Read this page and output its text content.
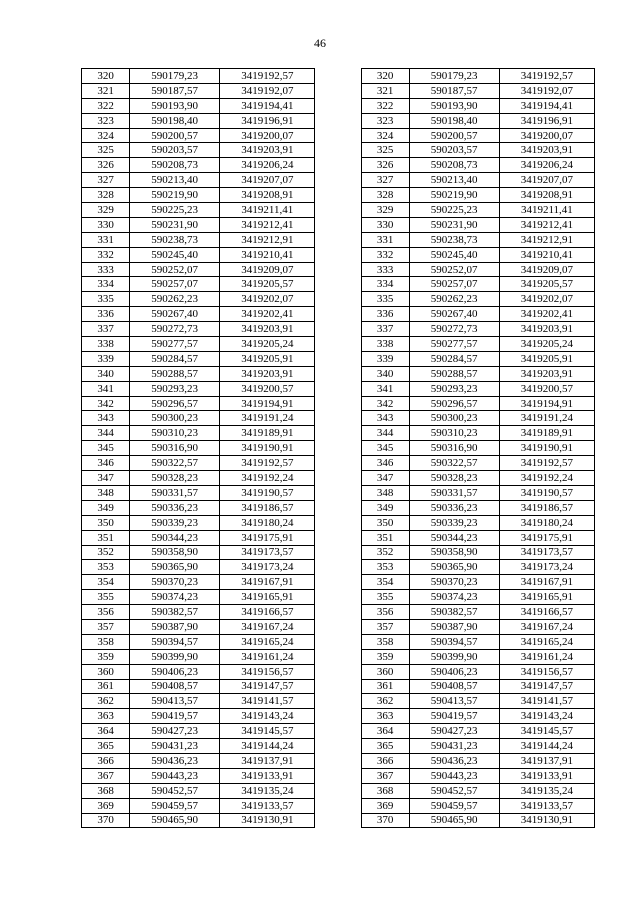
46
320	590179,23	3419192,57		320	590179,23	3419192,57
321	590187,57	3419192,07		321	590187,57	3419192,07
322	590193,90	3419194,41		322	590193,90	3419194,41
323	590198,40	3419196,91		323	590198,40	3419196,91
324	590200,57	3419200,07		324	590200,57	3419200,07
325	590203,57	3419203,91		325	590203,57	3419203,91
326	590208,73	3419206,24		326	590208,73	3419206,24
327	590213,40	3419207,07		327	590213,40	3419207,07
328	590219,90	3419208,91		328	590219,90	3419208,91
329	590225,23	3419211,41		329	590225,23	3419211,41
330	590231,90	3419212,41		330	590231,90	3419212,41
331	590238,73	3419212,91		331	590238,73	3419212,91
332	590245,40	3419210,41		332	590245,40	3419210,41
333	590252,07	3419209,07		333	590252,07	3419209,07
334	590257,07	3419205,57		334	590257,07	3419205,57
335	590262,23	3419202,07		335	590262,23	3419202,07
336	590267,40	3419202,41		336	590267,40	3419202,41
337	590272,73	3419203,91		337	590272,73	3419203,91
338	590277,57	3419205,24		338	590277,57	3419205,24
339	590284,57	3419205,91		339	590284,57	3419205,91
340	590288,57	3419203,91		340	590288,57	3419203,91
341	590293,23	3419200,57		341	590293,23	3419200,57
342	590296,57	3419194,91		342	590296,57	3419194,91
343	590300,23	3419191,24		343	590300,23	3419191,24
344	590310,23	3419189,91		344	590310,23	3419189,91
345	590316,90	3419190,91		345	590316,90	3419190,91
346	590322,57	3419192,57		346	590322,57	3419192,57
347	590328,23	3419192,24		347	590328,23	3419192,24
348	590331,57	3419190,57		348	590331,57	3419190,57
349	590336,23	3419186,57		349	590336,23	3419186,57
350	590339,23	3419180,24		350	590339,23	3419180,24
351	590344,23	3419175,91		351	590344,23	3419175,91
352	590358,90	3419173,57		352	590358,90	3419173,57
353	590365,90	3419173,24		353	590365,90	3419173,24
354	590370,23	3419167,91		354	590370,23	3419167,91
355	590374,23	3419165,91		355	590374,23	3419165,91
356	590382,57	3419166,57		356	590382,57	3419166,57
357	590387,90	3419167,24		357	590387,90	3419167,24
358	590394,57	3419165,24		358	590394,57	3419165,24
359	590399,90	3419161,24		359	590399,90	3419161,24
360	590406,23	3419156,57		360	590406,23	3419156,57
361	590408,57	3419147,57		361	590408,57	3419147,57
362	590413,57	3419141,57		362	590413,57	3419141,57
363	590419,57	3419143,24		363	590419,57	3419143,24
364	590427,23	3419145,57		364	590427,23	3419145,57
365	590431,23	3419144,24		365	590431,23	3419144,24
366	590436,23	3419137,91		366	590436,23	3419137,91
367	590443,23	3419133,91		367	590443,23	3419133,91
368	590452,57	3419135,24		368	590452,57	3419135,24
369	590459,57	3419133,57		369	590459,57	3419133,57
370	590465,90	3419130,91		370	590465,90	3419130,91
